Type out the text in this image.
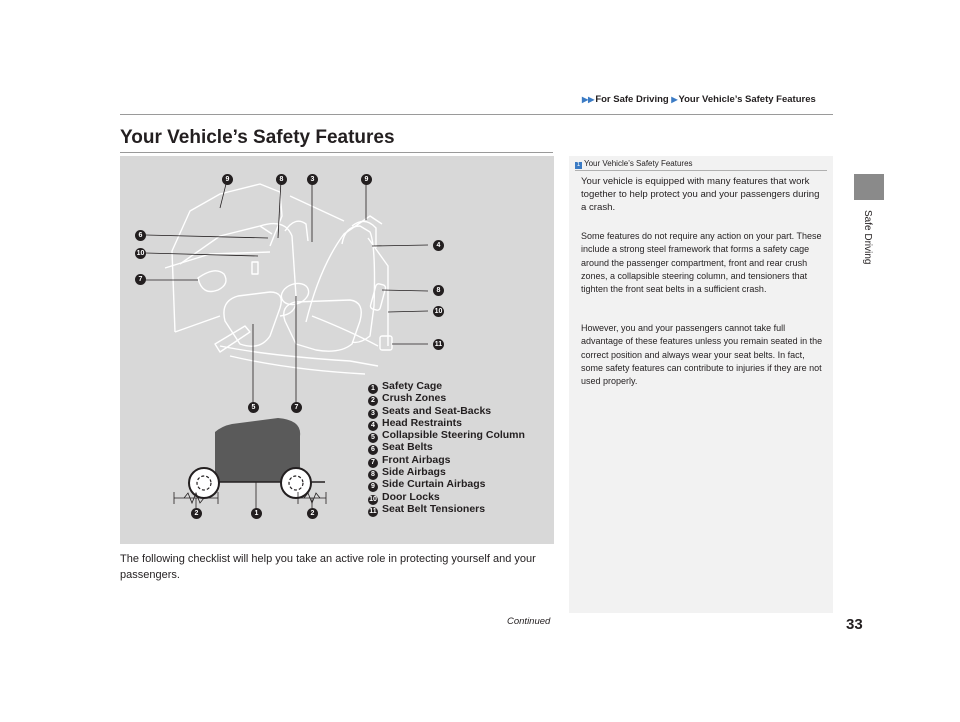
▶▶For Safe Driving ▶Your Vehicle’s Safety Features
Safe Driving
Your Vehicle’s Safety Features
9	8	3	9
6
10
7
4
8
10
11
5	7
2	1	2
1 Safety Cage
2 Crush Zones
3 Seats and Seat-Backs
4 Head Restraints
5 Collapsible Steering Column
6 Seat Belts
7 Front Airbags
8 Side Airbags
9 Side Curtain Airbags
10 Door Locks
11 Seat Belt Tensioners
The following checklist will help you take an active role in protecting yourself and your passengers.
1 Your Vehicle’s Safety Features

Your vehicle is equipped with many features that work together to help protect you and your passengers during a crash.

Some features do not require any action on your part. These include a strong steel framework that forms a safety cage around the passenger compartment, front and rear crush zones, a collapsible steering column, and tensioners that tighten the front seat belts in a sufficient crash.

However, you and your passengers cannot take full advantage of these features unless you remain seated in the correct position and always wear your seat belts. In fact, some safety features can contribute to injuries if they are not used properly.

Continued	33
